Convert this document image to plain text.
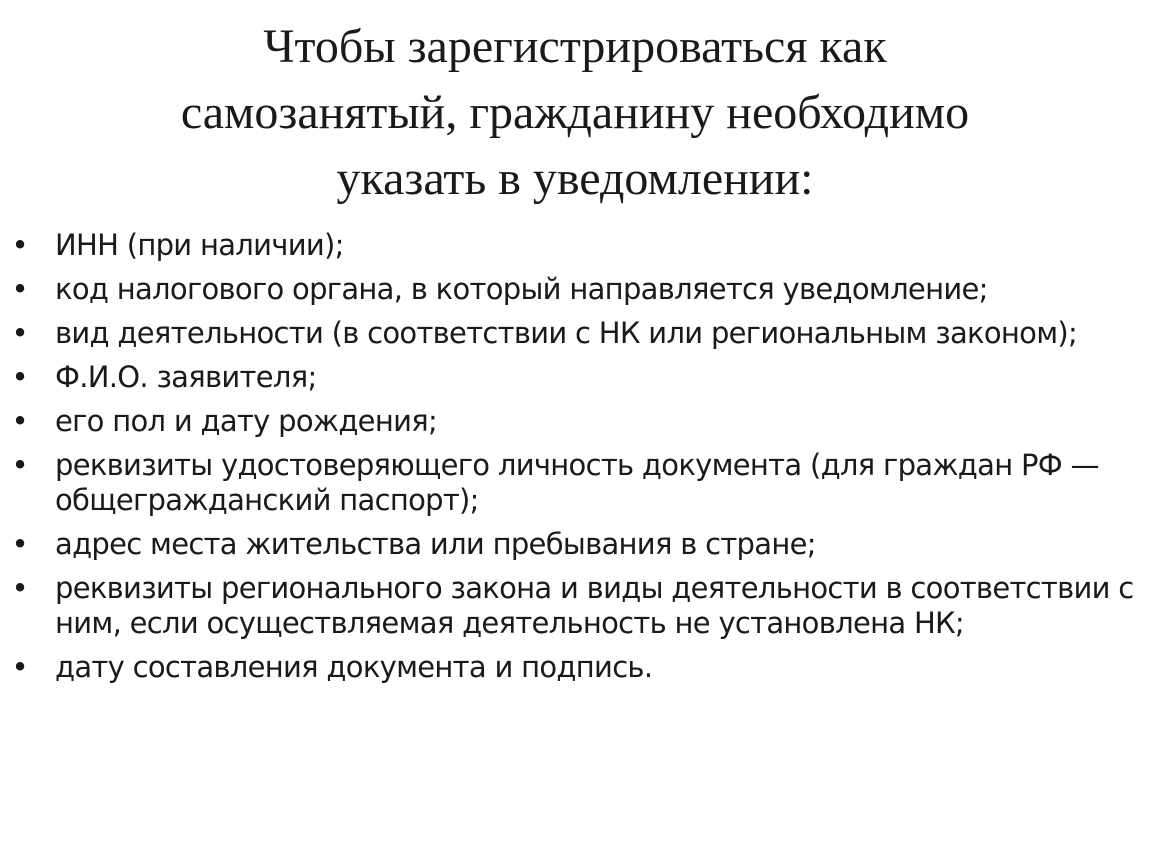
Чтобы зарегистрироваться как
самозанятый, гражданину необходимо
указать в уведомлении:
• ИНН (при наличии);
• код налогового органа, в который направляется уведомление;
• вид деятельности (в соответствии с НК или региональным законом);
• Ф.И.О. заявителя;
• его пол и дату рождения;
• реквизиты удостоверяющего личность документа (для граждан РФ — общегражданский паспорт);
• адрес места жительства или пребывания в стране;
• реквизиты регионального закона и виды деятельности в соответствии с ним, если осуществляемая деятельность не установлена НК;
• дату составления документа и подпись.
